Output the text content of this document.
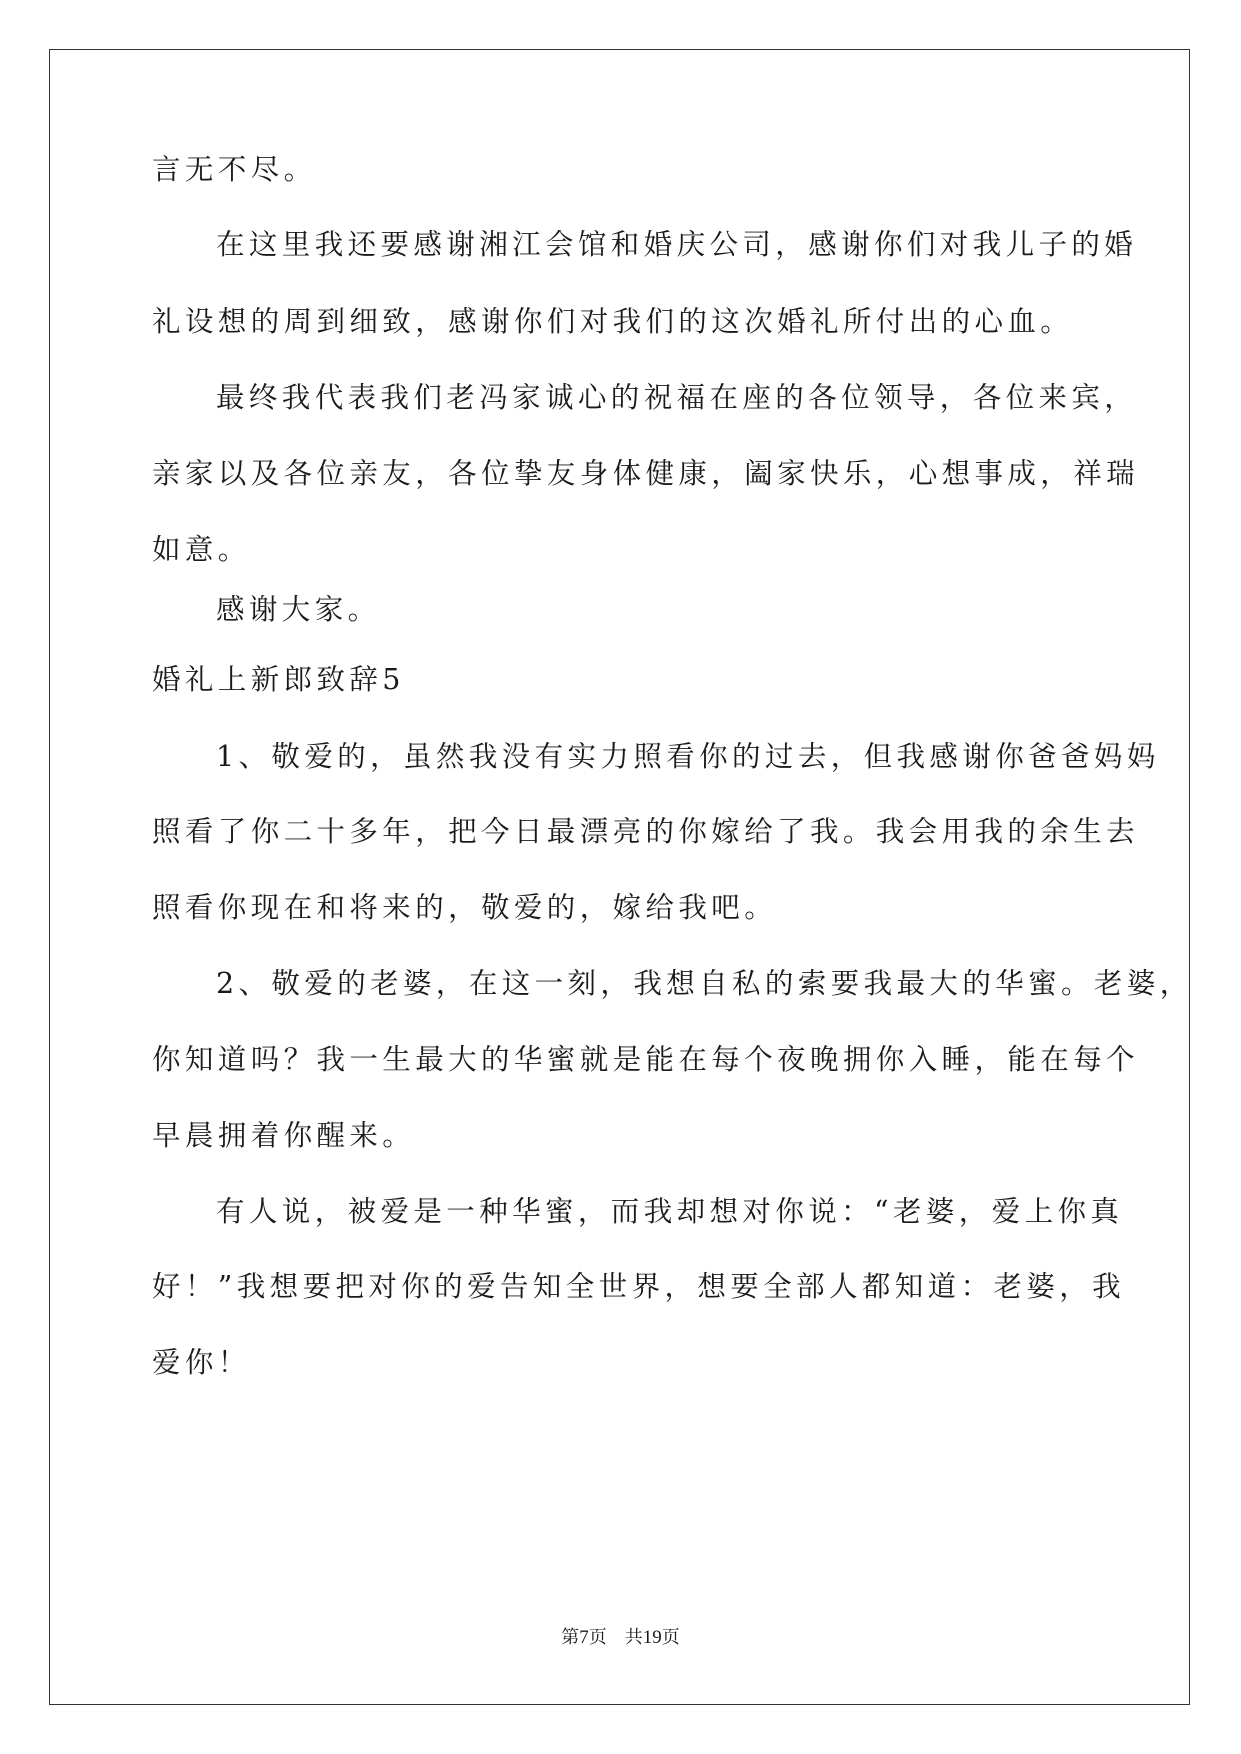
言无不尽。
在这里我还要感谢湘江会馆和婚庆公司，感谢你们对我儿子的婚
礼设想的周到细致，感谢你们对我们的这次婚礼所付出的心血。
最终我代表我们老冯家诚心的祝福在座的各位领导，各位来宾，
亲家以及各位亲友，各位挚友身体健康，阖家快乐，心想事成，祥瑞
如意。
感谢大家。
婚礼上新郎致辞5
1、敬爱的，虽然我没有实力照看你的过去，但我感谢你爸爸妈妈
照看了你二十多年，把今日最漂亮的你嫁给了我。我会用我的余生去
照看你现在和将来的，敬爱的，嫁给我吧。
2、敬爱的老婆，在这一刻，我想自私的索要我最大的华蜜。老婆，
你知道吗？我一生最大的华蜜就是能在每个夜晚拥你入睡，能在每个
早晨拥着你醒来。
有人说，被爱是一种华蜜，而我却想对你说：“老婆，爱上你真
好！”我想要把对你的爱告知全世界，想要全部人都知道：老婆，我
爱你！
第7页 共19页
